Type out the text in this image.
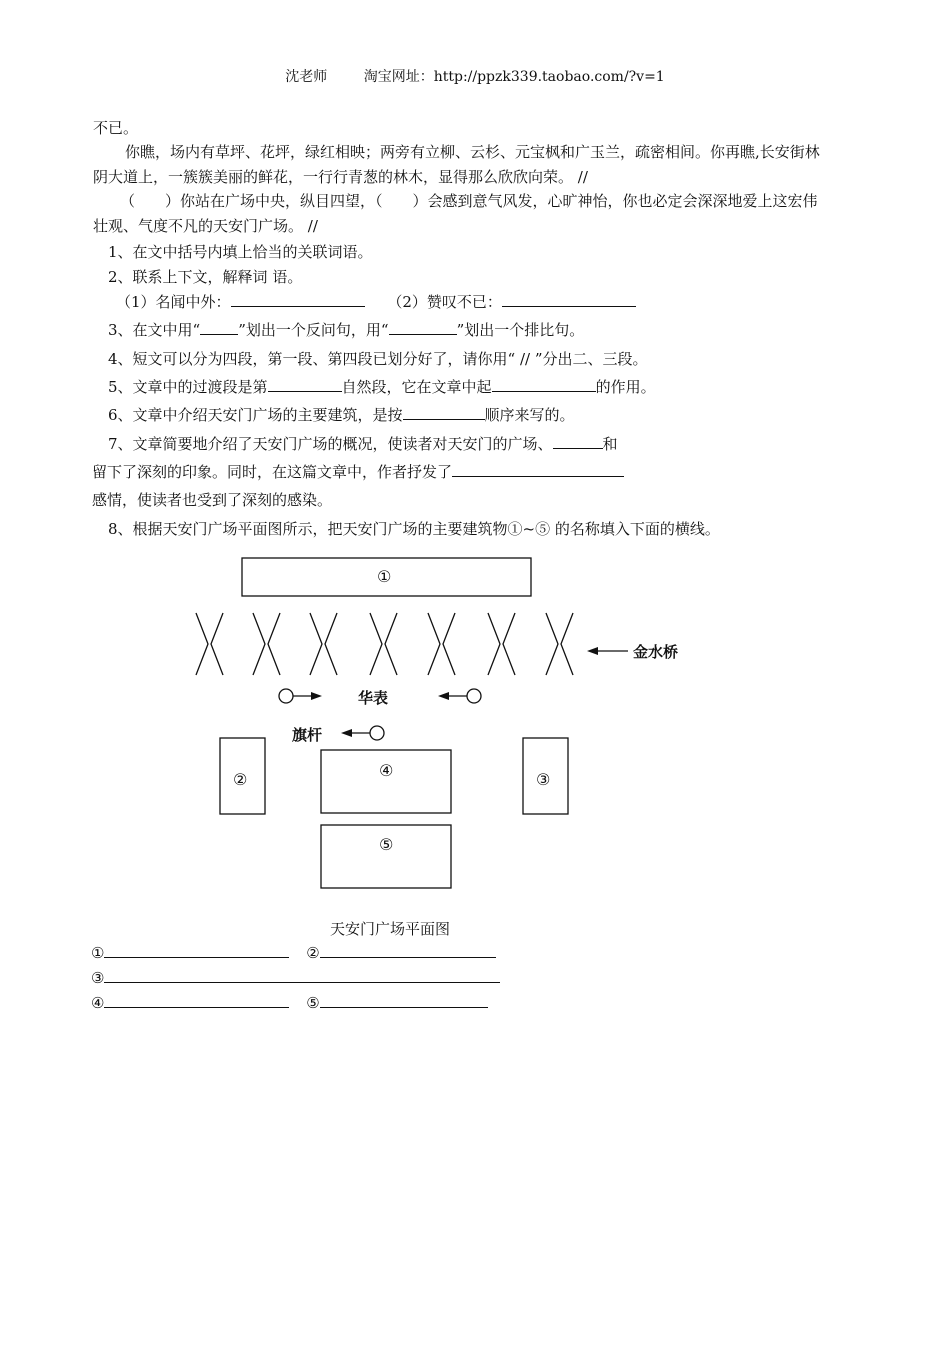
沈老师	淘宝网址：http://ppzk339.taobao.com/?v=1
不已。
你瞧，场内有草坪、花坪，绿红相映；两旁有立柳、云杉、元宝枫和广玉兰，疏密相间。你再瞧,长安街林
阴大道上，一簇簇美丽的鲜花，一行行青葱的林木，显得那么欣欣向荣。 //
（　　）你站在广场中央，纵目四望，（　　）会感到意气风发，心旷神怡，你也必定会深深地爱上这宏伟
壮观、气度不凡的天安门广场。 //
1、在文中括号内填上恰当的关联词语。
2、联系上下文，解释词 语。
（1）名闻中外：	（2）赞叹不已：
3、在文中用“	”划出一个反问句，用“	”划出一个排比句。
4、短文可以分为四段，第一段、第四段已划分好了，请你用“ // ”分出二、三段。
5、文章中的过渡段是第	自然段，它在文章中起	的作用。
6、文章中介绍天安门广场的主要建筑，是按	顺序来写的。
7、文章简要地介绍了天安门广场的概况，使读者对天安门的广场、	和
留下了深刻的印象。同时，在这篇文章中，作者抒发了
感情，使读者也受到了深刻的感染。
8、根据天安门广场平面图所示，把天安门广场的主要建筑物①~⑤ 的名称填入下面的横线。
①
②	③
④
⑤
金水桥
华表
旗杆
天安门广场平面图
①	②
③
④	⑤
